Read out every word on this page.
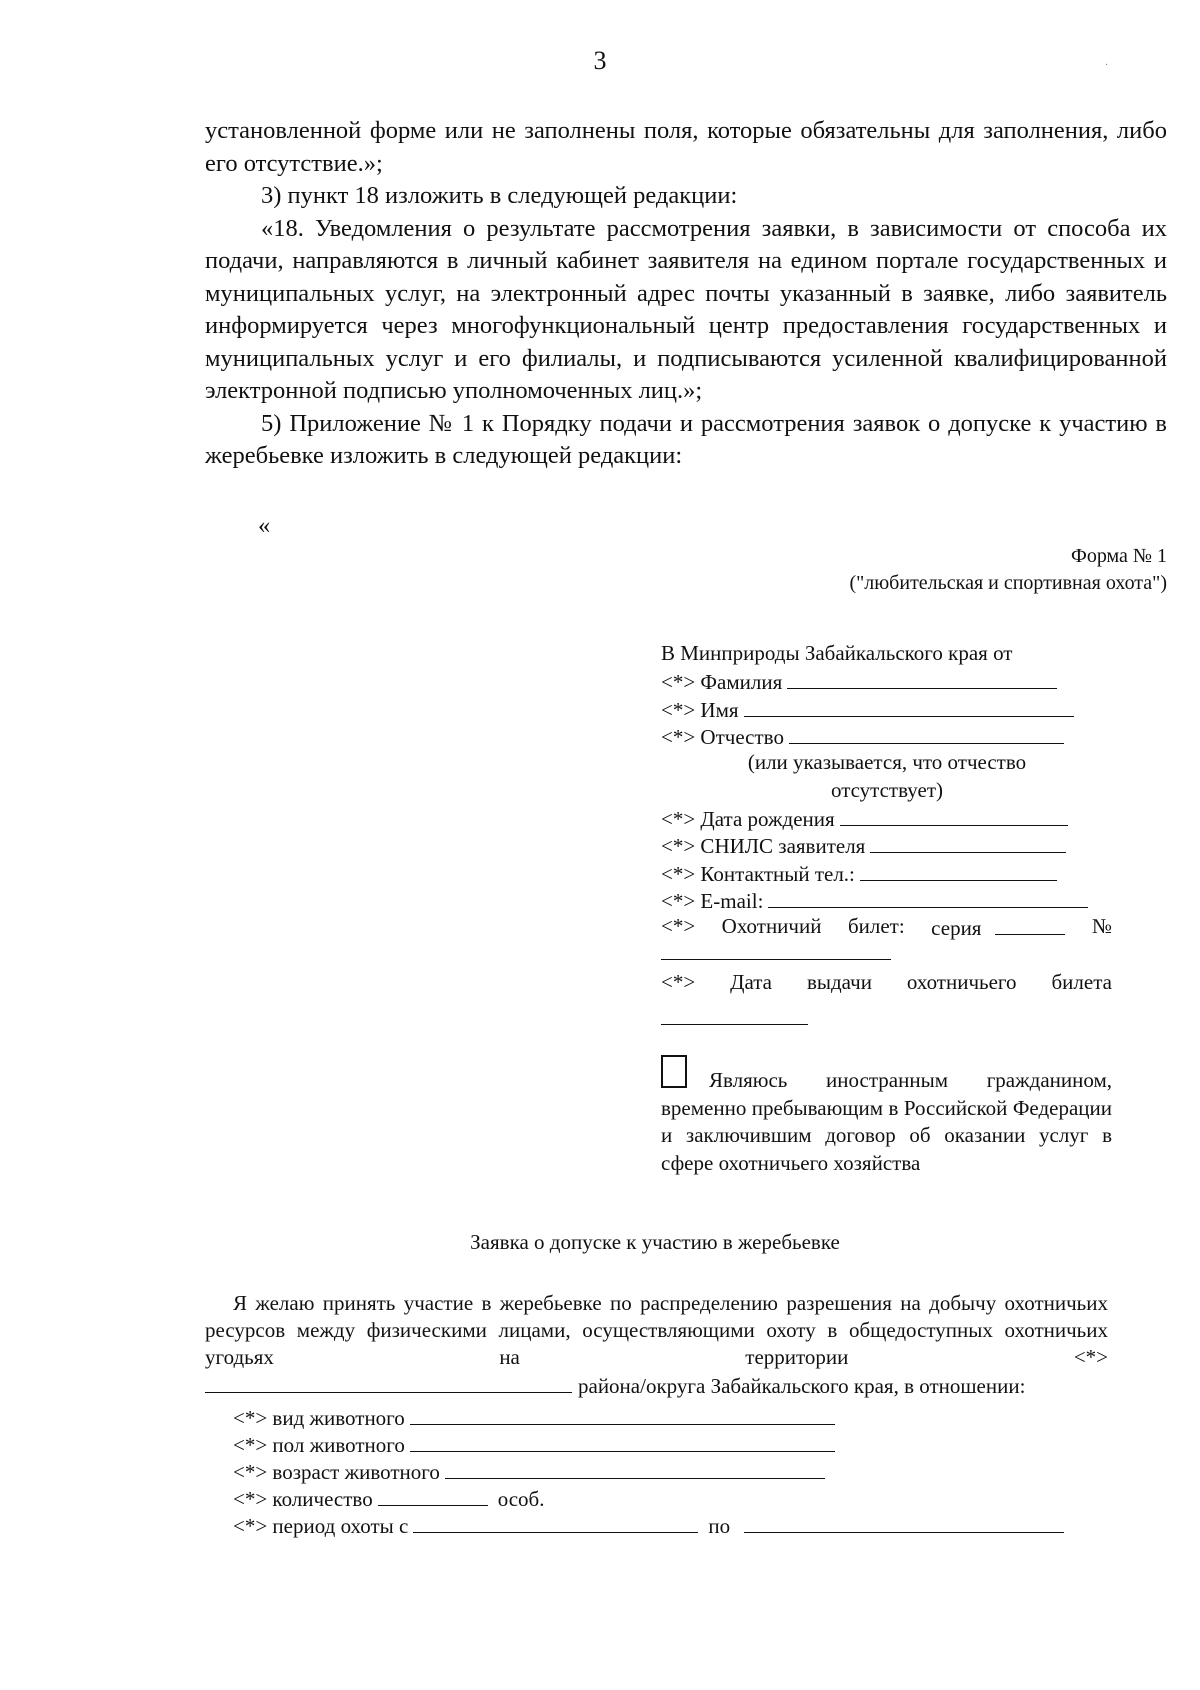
3	·

установленной форме или не заполнены поля, которые обязательны для заполнения, либо его отсутствие.»;

3) пункт 18 изложить в следующей редакции:

«18. Уведомления о результате рассмотрения заявки, в зависимости от способа их подачи, направляются в личный кабинет заявителя на едином портале государственных и муниципальных услуг, на электронный адрес почты указанный в заявке, либо заявитель информируется через многофункциональный центр предоставления государственных и муниципальных услуг и его филиалы, и подписываются усиленной квалифицированной электронной подписью уполномоченных лиц.»;

5) Приложение № 1 к Порядку подачи и рассмотрения заявок о допуске к участию в жеребьевке изложить в следующей редакции:

«
Форма № 1
("любительская и спортивная охота")
В Минприроды Забайкальского края от
<*> Фамилия
<*> Имя
<*> Отчество
(или указывается, что отчество отсутствует)
<*> Дата рождения
<*> СНИЛС заявителя
<*> Контактный тел.:
<*> E-mail:
<*> Охотничий билет: серия	№
<*> Дата выдачи охотничьего билета
Являюсь иностранным гражданином, временно пребывающим в Российской Федерации и заключившим договор об оказании услуг в сфере охотничьего хозяйства
Заявка о допуске к участию в жеребьевке

Я желаю принять участие в жеребьевке по распределению разрешения на добычу охотничьих ресурсов между физическими лицами, осуществляющими охоту в общедоступных охотничьих угодьях на территории <*>

района/округа Забайкальского края, в отношении:

<*> вид животного
<*> пол животного
<*> возраст животного
<*> количество	особ.
<*> период охоты с	по
